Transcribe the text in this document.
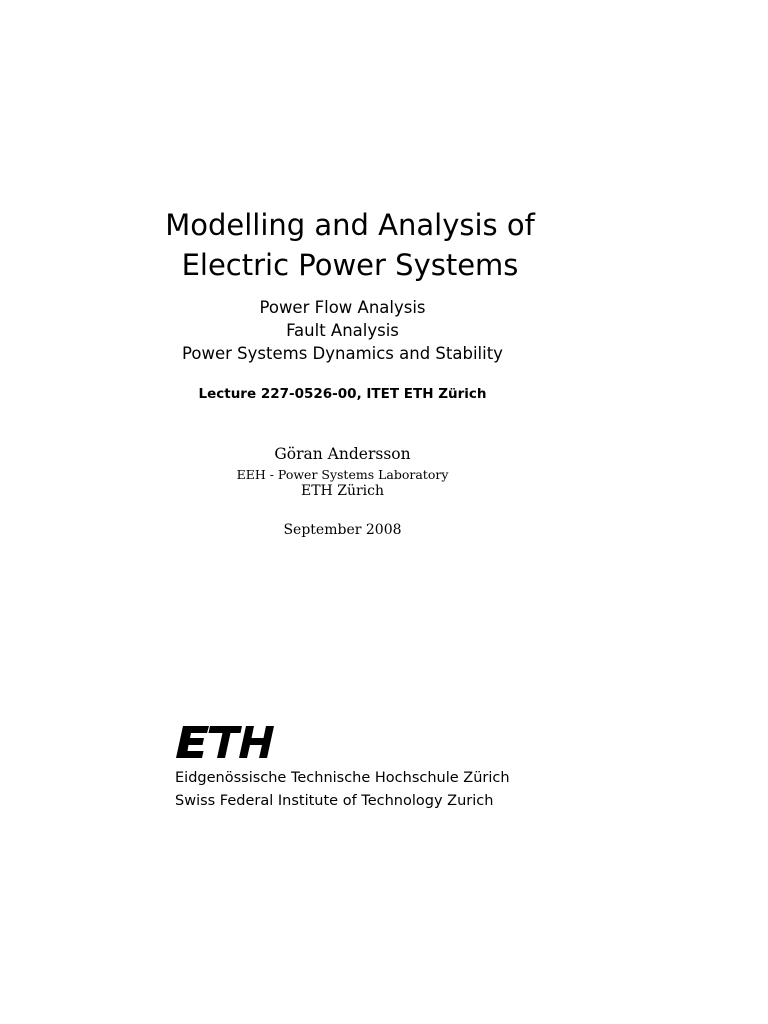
Modelling and Analysis of
Electric Power Systems
Power Flow Analysis
Fault Analysis
Power Systems Dynamics and Stability
Lecture 227-0526-00, ITET ETH Zürich
Göran Andersson
EEH - Power Systems Laboratory
ETH Zürich
September 2008
Eidgenössische Technische Hochschule Zürich
Swiss Federal Institute of Technology Zurich
